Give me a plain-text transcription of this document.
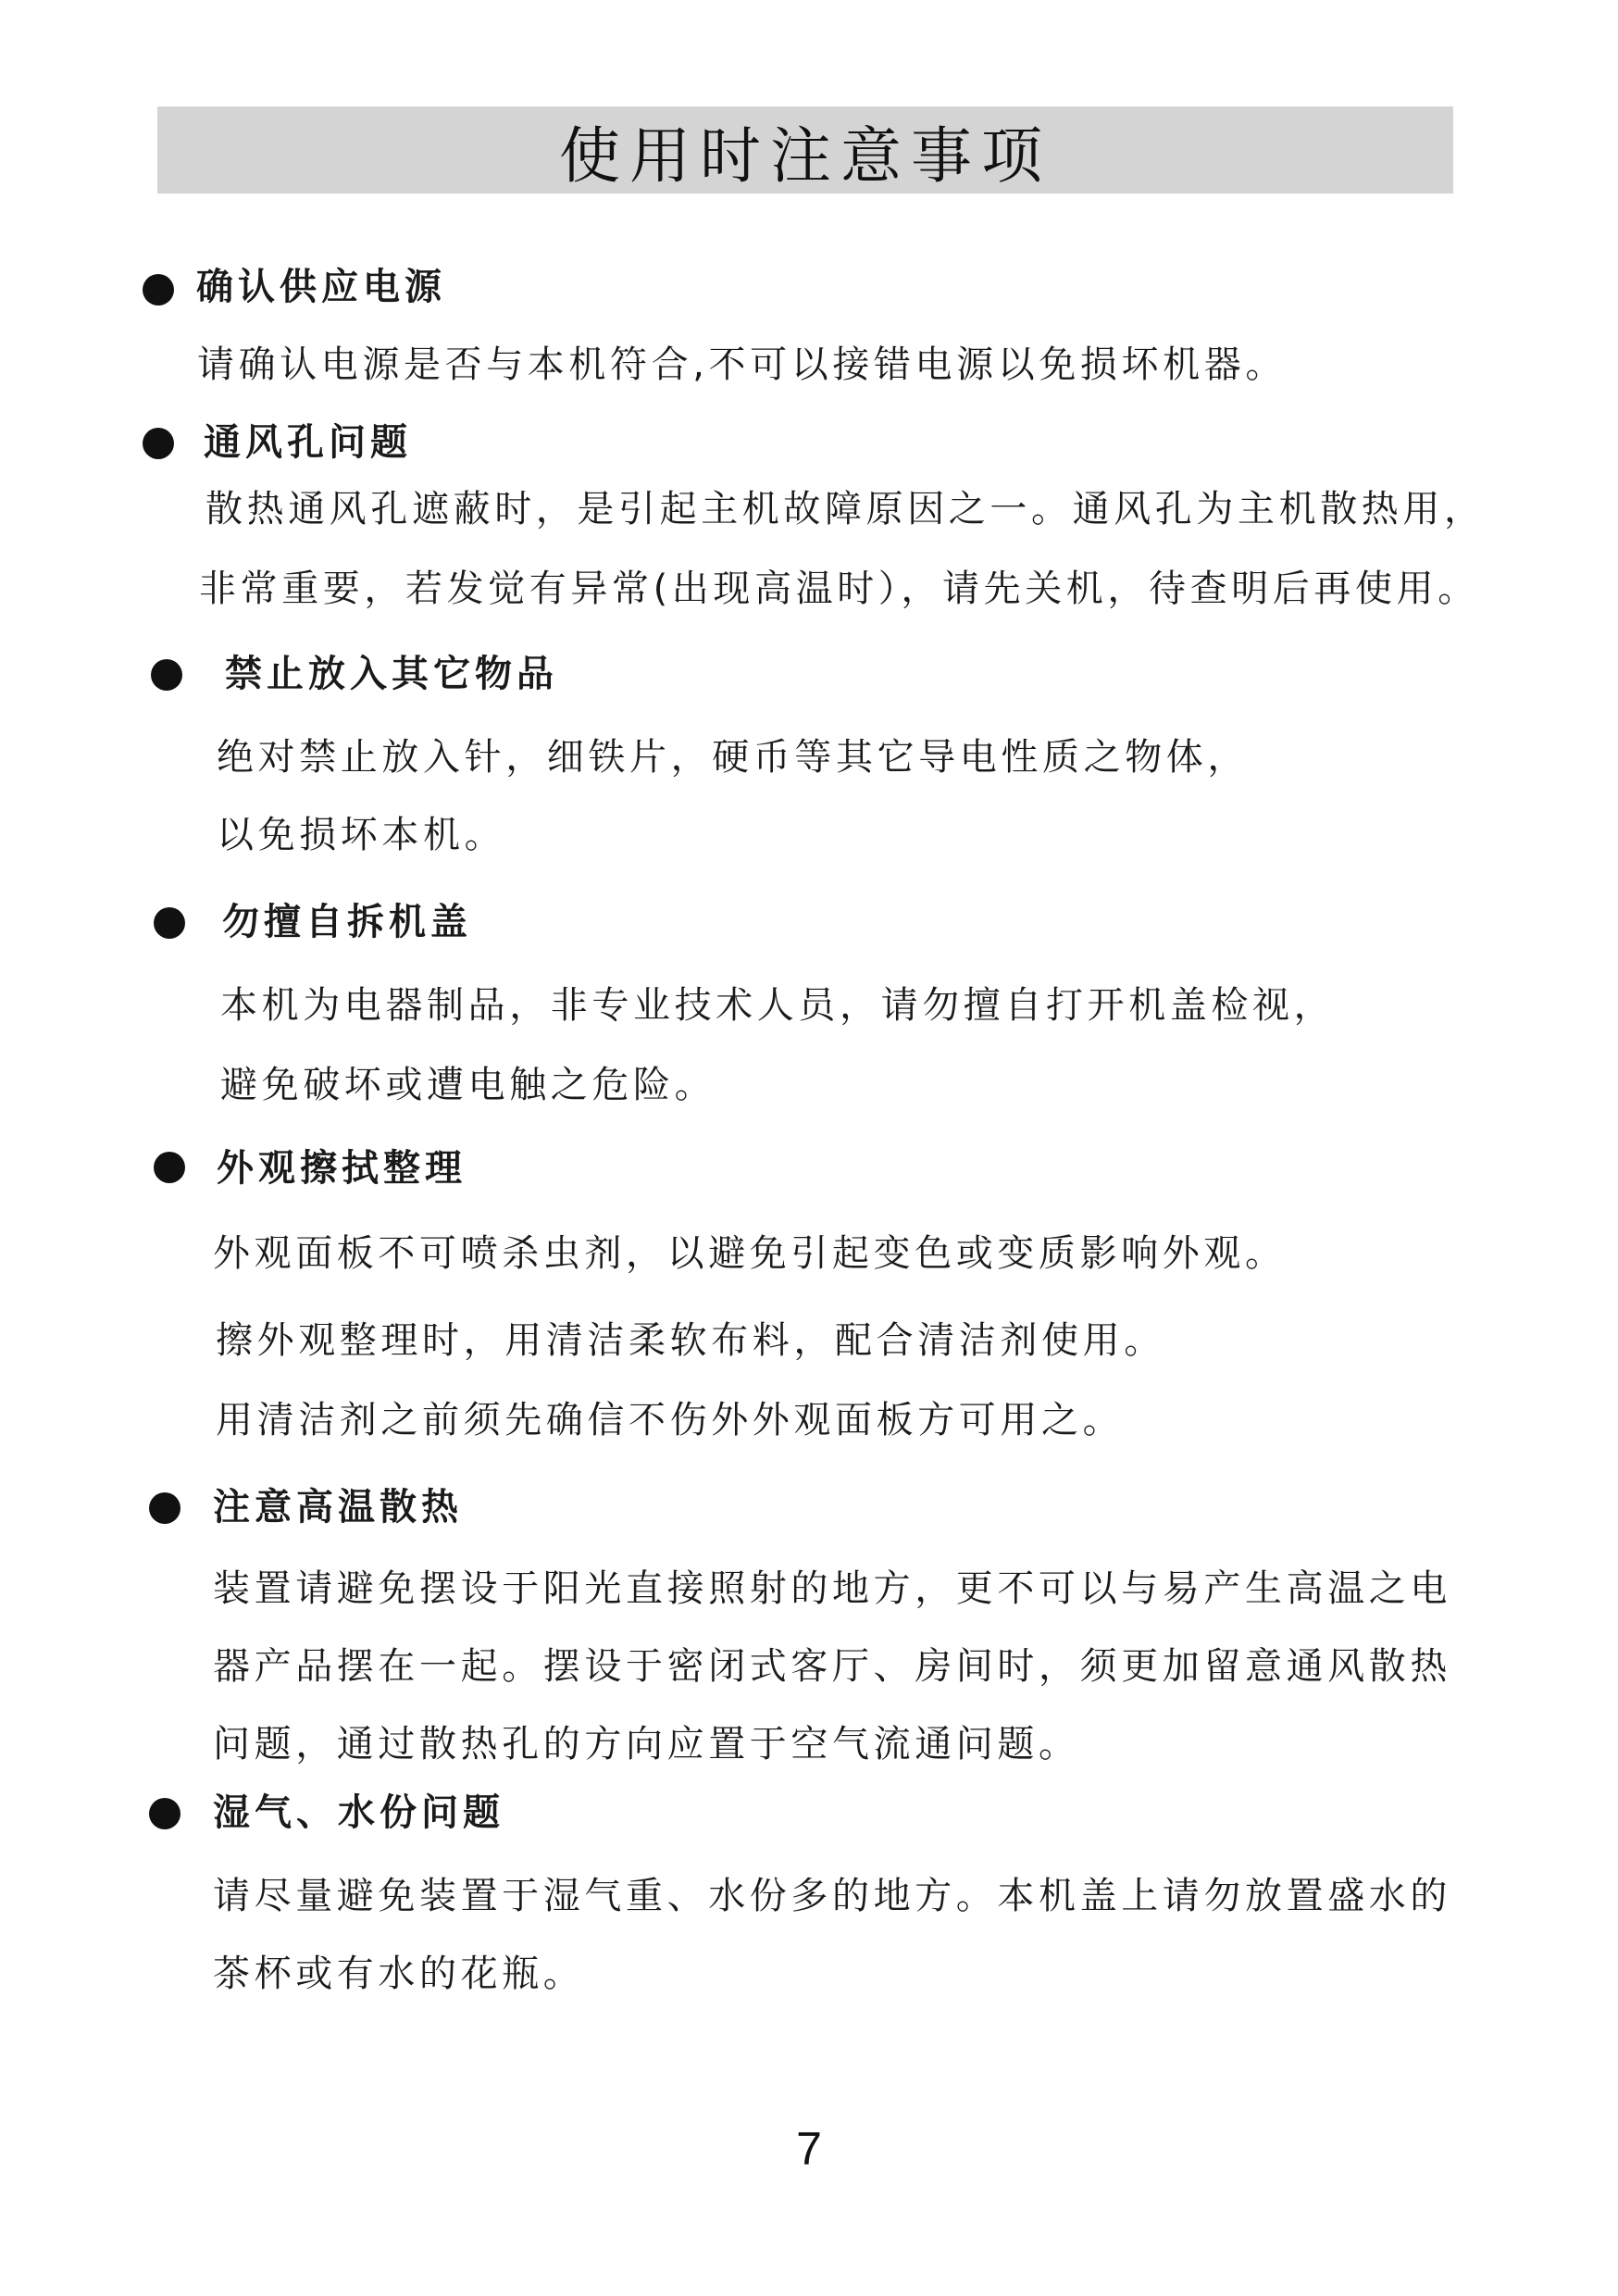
使用时注意事项
确认供应电源
请确认电源是否与本机符合,不可以接错电源以免损坏机器。
通风孔问题
散热通风孔遮蔽时，是引起主机故障原因之一。通风孔为主机散热用，
非常重要，若发觉有异常(出现高温时），请先关机，待查明后再使用。
禁止放入其它物品
绝对禁止放入针，细铁片，硬币等其它导电性质之物体，
以免损坏本机。
勿擅自拆机盖
本机为电器制品，非专业技术人员，请勿擅自打开机盖检视，
避免破坏或遭电触之危险。
外观擦拭整理
外观面板不可喷杀虫剂，以避免引起变色或变质影响外观。
擦外观整理时，用清洁柔软布料，配合清洁剂使用。
用清洁剂之前须先确信不伤外外观面板方可用之。
注意高温散热
装置请避免摆设于阳光直接照射的地方，更不可以与易产生高温之电
器产品摆在一起。摆设于密闭式客厅、房间时，须更加留意通风散热
问题，通过散热孔的方向应置于空气流通问题。
湿气、水份问题
请尽量避免装置于湿气重、水份多的地方。本机盖上请勿放置盛水的
茶杯或有水的花瓶。
7
